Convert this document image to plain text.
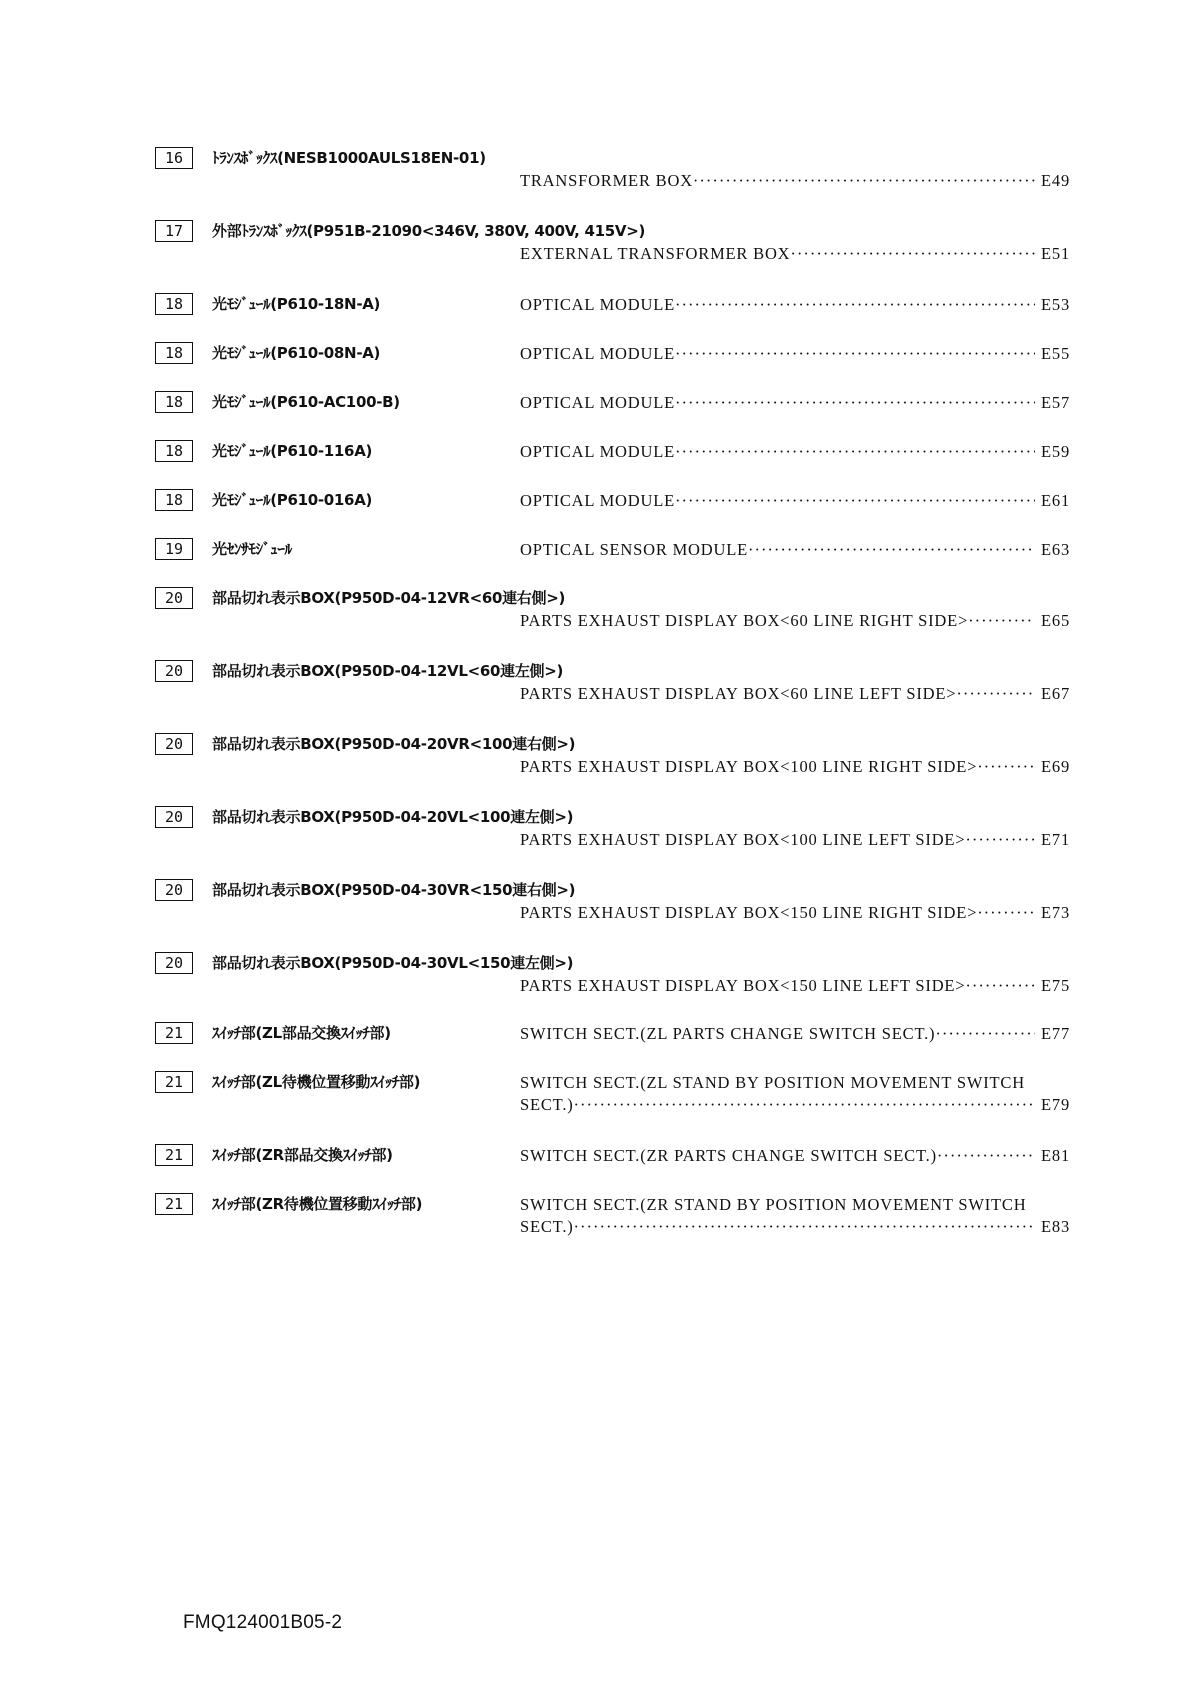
16	ﾄﾗﾝｽﾎﾞｯｸｽ(NESB1000AULS18EN-01)
TRANSFORMER BOX ·····	E49
17	外部ﾄﾗﾝｽﾎﾞｯｸｽ(P951B-21090<346V, 380V, 400V, 415V>)
EXTERNAL TRANSFORMER BOX ·····	E51
18	光ﾓｼﾞｭｰﾙ(P610-18N-A)	OPTICAL MODULE ·····	E53
18	光ﾓｼﾞｭｰﾙ(P610-08N-A)	OPTICAL MODULE ·····	E55
18	光ﾓｼﾞｭｰﾙ(P610-AC100-B)	OPTICAL MODULE ·····	E57
18	光ﾓｼﾞｭｰﾙ(P610-116A)	OPTICAL MODULE ·····	E59
18	光ﾓｼﾞｭｰﾙ(P610-016A)	OPTICAL MODULE ·····	E61
19	光ｾﾝｻﾓｼﾞｭｰﾙ	OPTICAL SENSOR MODULE ·····	E63
20	部品切れ表示BOX(P950D-04-12VR<60連右側>)
PARTS EXHAUST DISPLAY BOX<60 LINE RIGHT SIDE> ·····	E65
20	部品切れ表示BOX(P950D-04-12VL<60連左側>)
PARTS EXHAUST DISPLAY BOX<60 LINE LEFT SIDE> ·····	E67
20	部品切れ表示BOX(P950D-04-20VR<100連右側>)
PARTS EXHAUST DISPLAY BOX<100 LINE RIGHT SIDE> ·····	E69
20	部品切れ表示BOX(P950D-04-20VL<100連左側>)
PARTS EXHAUST DISPLAY BOX<100 LINE LEFT SIDE> ·····	E71
20	部品切れ表示BOX(P950D-04-30VR<150連右側>)
PARTS EXHAUST DISPLAY BOX<150 LINE RIGHT SIDE> ·····	E73
20	部品切れ表示BOX(P950D-04-30VL<150連左側>)
PARTS EXHAUST DISPLAY BOX<150 LINE LEFT SIDE> ·····	E75
21	ｽｲｯﾁ部(ZL部品交換ｽｲｯﾁ部)	SWITCH SECT.(ZL PARTS CHANGE SWITCH SECT.) ·····	E77
21	ｽｲｯﾁ部(ZL待機位置移動ｽｲｯﾁ部)	SWITCH SECT.(ZL STAND BY POSITION MOVEMENT SWITCH
SECT.) ·····	E79
21	ｽｲｯﾁ部(ZR部品交換ｽｲｯﾁ部)	SWITCH SECT.(ZR PARTS CHANGE SWITCH SECT.) ·····	E81
21	ｽｲｯﾁ部(ZR待機位置移動ｽｲｯﾁ部)	SWITCH SECT.(ZR STAND BY POSITION MOVEMENT SWITCH
SECT.) ·····	E83
FMQ124001B05-2
